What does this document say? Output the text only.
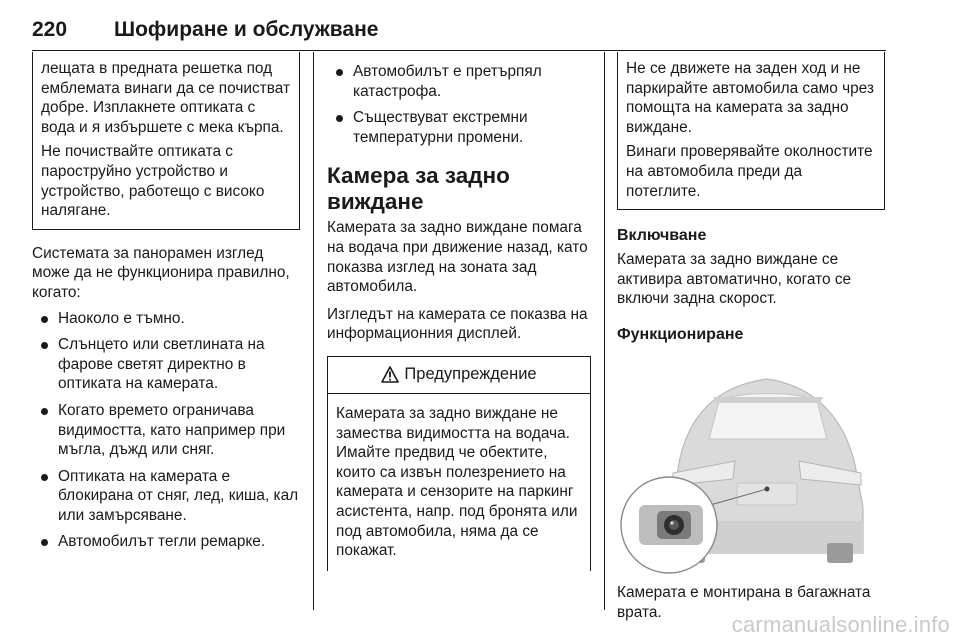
220 Шофиране и обслужване

лещата в предната решетка под емблемата винаги да се почистват добре. Изплакнете оптиката с вода и я избършете с мека кърпа.

Не почиствайте оптиката с пароструйно устройство и устройство, работещо с високо налягане.

Системата за панорамен изглед може да не функционира правилно, когато:

Наоколо е тъмно.
Слънцето или светлината на фарове светят директно в оптиката на камерата.
Когато времето ограничава видимостта, като например при мъгла, дъжд или сняг.
Оптиката на камерата е блокирана от сняг, лед, киша, кал или замърсяване.
Автомобилът тегли ремарке.
Автомобилът е претърпял катастрофа.
Съществуват екстремни температурни промени.
Камера за задно виждане

Камерата за задно виждане помага на водача при движение назад, като показва изглед на зоната зад автомобила.

Изгледът на камерата се показва на информационния дисплей.

Предупреждение

Камерата за задно виждане не замества видимостта на водача. Имайте предвид че обектите, които са извън полезрението на камерата и сензорите на паркинг асистента, напр. под бронята или под автомобила, няма да се покажат.

Не се движете на заден ход и не паркирайте автомобила само чрез помощта на камерата за задно виждане.

Винаги проверявайте околностите на автомобила преди да потеглите.

Включване

Камерата за задно виждане се активира автоматично, когато се включи задна скорост.

Функциониране

Камерата е монтирана в багажната врата.	carmanualsonline.info
